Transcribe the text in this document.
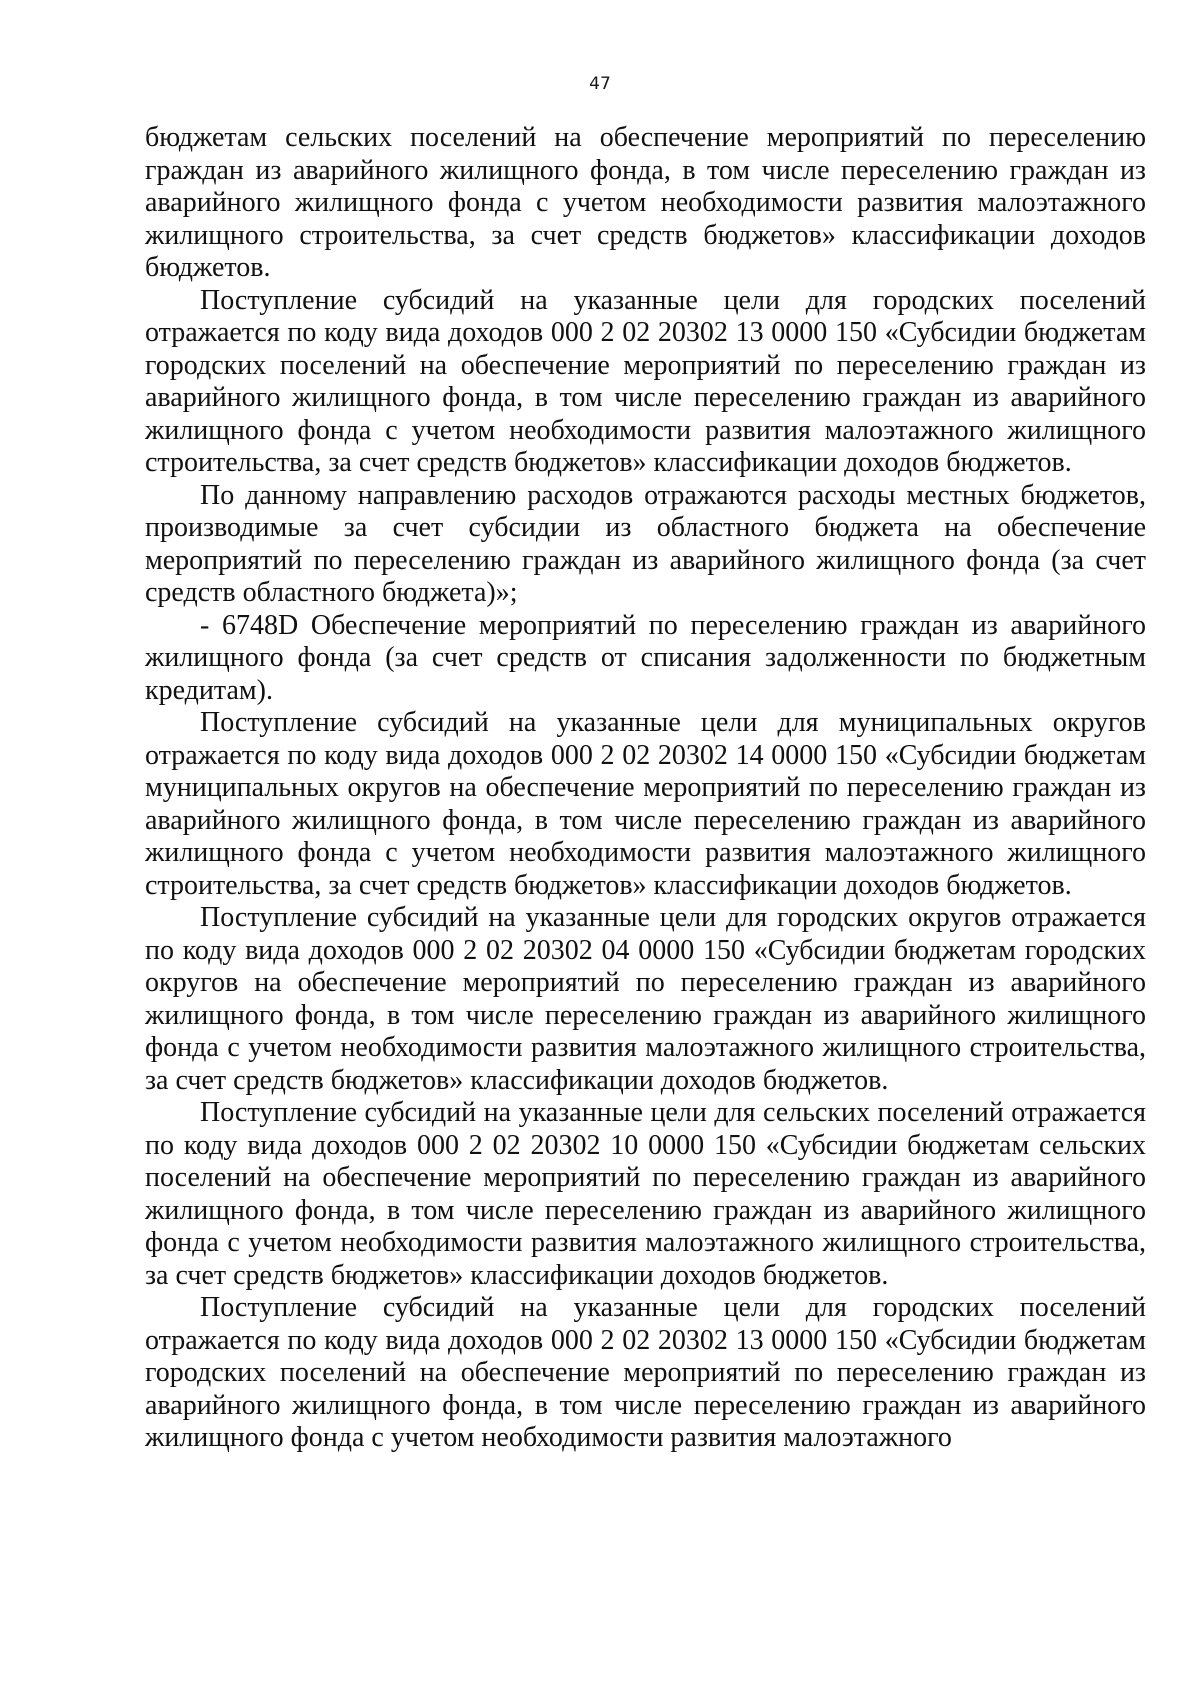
47

бюджетам сельских поселений на обеспечение мероприятий по переселению граждан из аварийного жилищного фонда, в том числе переселению граждан из аварийного жилищного фонда с учетом необходимости развития малоэтажного жилищного строительства, за счет средств бюджетов» классификации доходов бюджетов.

Поступление субсидий на указанные цели для городских поселений отражается по коду вида доходов 000 2 02 20302 13 0000 150 «Субсидии бюджетам городских поселений на обеспечение мероприятий по переселению граждан из аварийного жилищного фонда, в том числе переселению граждан из аварийного жилищного фонда с учетом необходимости развития малоэтажного жилищного строительства, за счет средств бюджетов» классификации доходов бюджетов.

По данному направлению расходов отражаются расходы местных бюджетов, производимые за счет субсидии из областного бюджета на обеспечение мероприятий по переселению граждан из аварийного жилищного фонда (за счет средств областного бюджета)»;

- 6748D Обеспечение мероприятий по переселению граждан из аварийного жилищного фонда (за счет средств от списания задолженности по бюджетным кредитам).

Поступление субсидий на указанные цели для муниципальных округов отражается по коду вида доходов 000 2 02 20302 14 0000 150 «Субсидии бюджетам муниципальных округов на обеспечение мероприятий по переселению граждан из аварийного жилищного фонда, в том числе переселению граждан из аварийного жилищного фонда с учетом необходимости развития малоэтажного жилищного строительства, за счет средств бюджетов» классификации доходов бюджетов.

Поступление субсидий на указанные цели для городских округов отражается по коду вида доходов 000 2 02 20302 04 0000 150 «Субсидии бюджетам городских округов на обеспечение мероприятий по переселению граждан из аварийного жилищного фонда, в том числе переселению граждан из аварийного жилищного фонда с учетом необходимости развития малоэтажного жилищного строительства, за счет средств бюджетов» классификации доходов бюджетов.

Поступление субсидий на указанные цели для сельских поселений отражается по коду вида доходов 000 2 02 20302 10 0000 150 «Субсидии бюджетам сельских поселений на обеспечение мероприятий по переселению граждан из аварийного жилищного фонда, в том числе переселению граждан из аварийного жилищного фонда с учетом необходимости развития малоэтажного жилищного строительства, за счет средств бюджетов» классификации доходов бюджетов.

Поступление субсидий на указанные цели для городских поселений отражается по коду вида доходов 000 2 02 20302 13 0000 150 «Субсидии бюджетам городских поселений на обеспечение мероприятий по переселению граждан из аварийного жилищного фонда, в том числе переселению граждан из аварийного жилищного фонда с учетом необходимости развития малоэтажного
